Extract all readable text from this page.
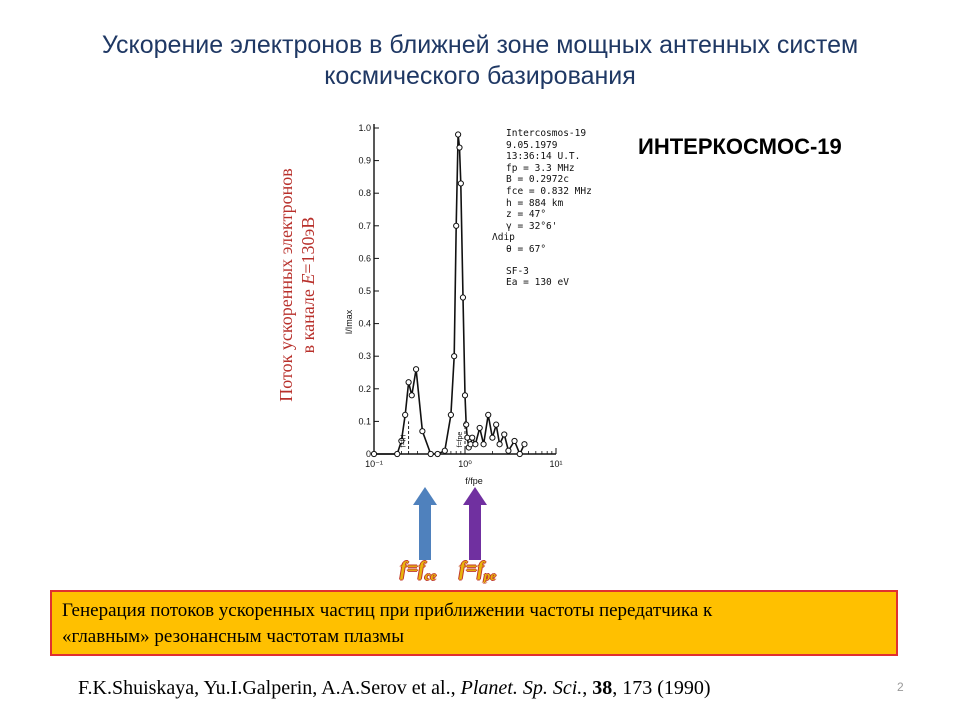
Ускорение электронов в ближней зоне мощных антенных систем
космического базирования
ИНТЕРКОСМОС-19
Поток ускоренных электронов в канале E=130эВ
0
0.1
0.2
0.3
0.4
0.5
0.6
0.7
0.8
0.9
1.0
10⁻¹	10⁰	10¹
f=fH	f=fpe
I/Imax
f/fpe
Intercosmos-19
9.05.1979
13:36:14 U.T.
fp = 3.3 MHz
B = 0.2972c
fce = 0.832 MHz
h = 884 km
z = 47°
γ = 32°6'
Λdip
θ = 67°
SF-3
Ea = 130 eV
$f=f_{ce}$ $f=f_{pe}$
Генерация потоков ускоренных частиц при приближении частоты передатчика к
«главным» резонансным частотам плазмы
F.K.Shuiskaya, Yu.I.Galperin, A.A.Serov et al., Planet. Sp. Sci., 38, 173 (1990)	2
